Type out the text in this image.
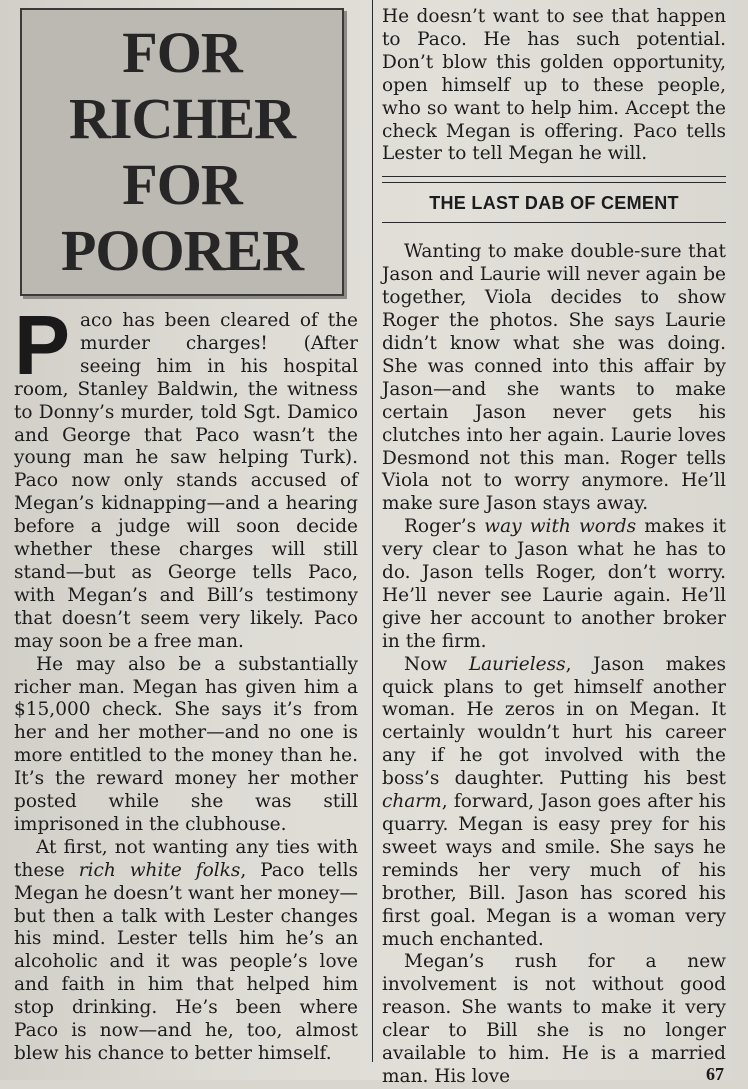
FOR
RICHER
FOR
POORER

Paco has been cleared of the murder charges! (After seeing him in his hospital room, Stanley Baldwin, the witness to Donny’s murder, told Sgt. Damico and George that Paco wasn’t the young man he saw helping Turk). Paco now only stands accused of Megan’s kidnapping—and a hearing before a judge will soon decide whether these charges will still stand—but as George tells Paco, with Megan’s and Bill’s testimony that doesn’t seem very likely. Paco may soon be a free man.

He may also be a substantially richer man. Megan has given him a $15,000 check. She says it’s from her and her mother—and no one is more entitled to the money than he. It’s the reward money her mother posted while she was still imprisoned in the clubhouse.

At first, not wanting any ties with these rich white folks, Paco tells Megan he doesn’t want her money—but then a talk with Lester changes his mind. Lester tells him he’s an alcoholic and it was people’s love and faith in him that helped him stop drinking. He’s been where Paco is now—and he, too, almost blew his chance to better himself.

He doesn’t want to see that happen to Paco. He has such potential. Don’t blow this golden opportunity, open himself up to these people, who so want to help him. Accept the check Megan is offering. Paco tells Lester to tell Megan he will.

THE LAST DAB OF CEMENT

Wanting to make double-sure that Jason and Laurie will never again be together, Viola decides to show Roger the photos. She says Laurie didn’t know what she was doing. She was conned into this affair by Jason—and she wants to make certain Jason never gets his clutches into her again. Laurie loves Desmond not this man. Roger tells Viola not to worry anymore. He’ll make sure Jason stays away.

Roger’s way with words makes it very clear to Jason what he has to do. Jason tells Roger, don’t worry. He’ll never see Laurie again. He’ll give her account to another broker in the firm.

Now Laurieless, Jason makes quick plans to get himself another woman. He zeros in on Megan. It certainly wouldn’t hurt his career any if he got involved with the boss’s daughter. Putting his best charm, forward, Jason goes after his quarry. Megan is easy prey for his sweet ways and smile. She says he reminds her very much of his brother, Bill. Jason has scored his first goal. Megan is a woman very much enchanted.

Megan’s rush for a new involvement is not without good reason. She wants to make it very clear to Bill she is no longer available to him. He is a married man. His love	67
